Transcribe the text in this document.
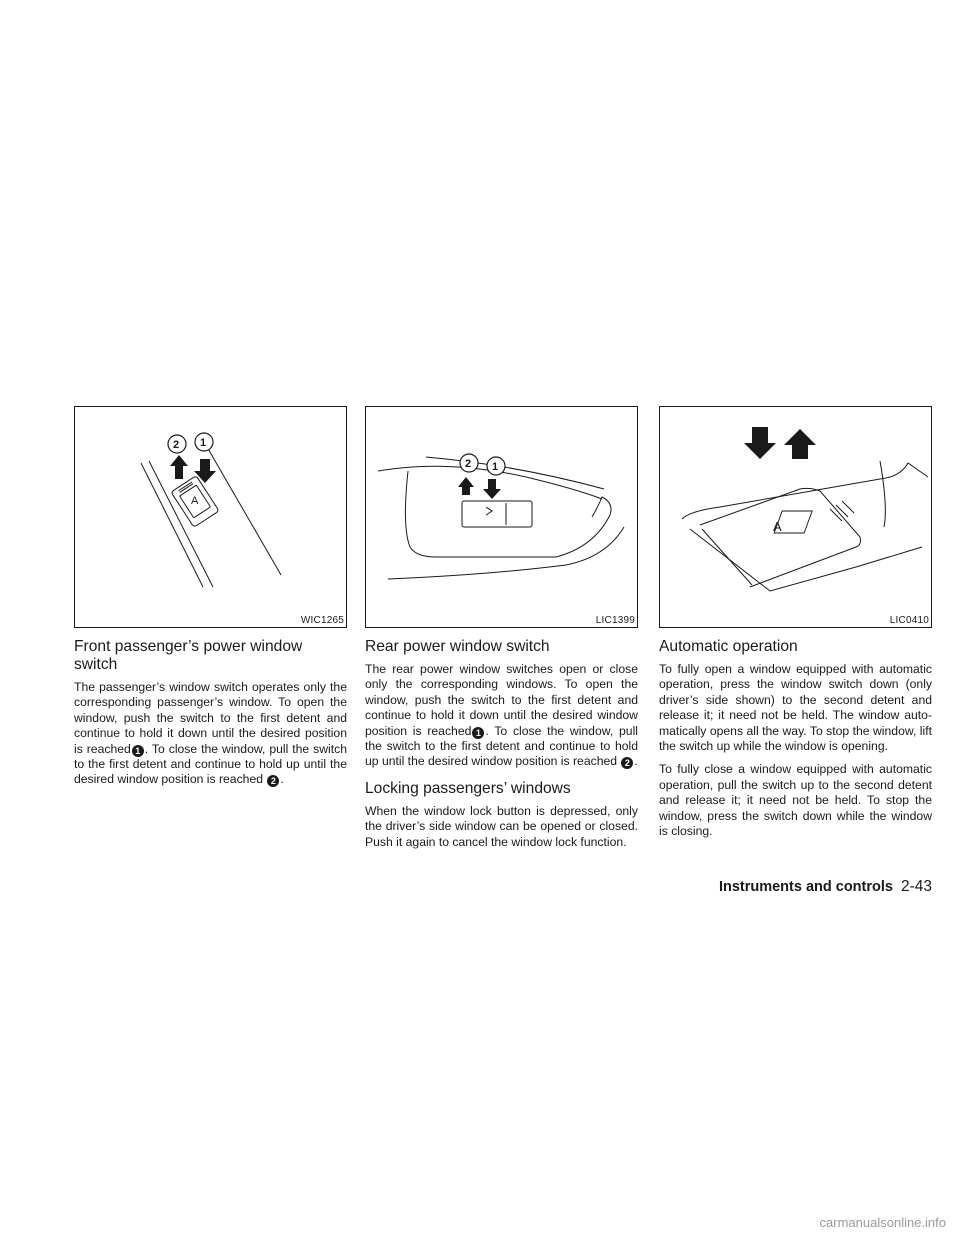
A
2 1
WIC1265
Front passenger’s power window switch

The passenger’s window switch operates only the corresponding passenger’s window. To open the window, push the switch to the first detent and continue to hold it down until the desired position is reached 1 . To close the window, pull the switch to the first detent and continue to hold up until the desired window position is reached 2 .

2 1
LIC1399
Rear power window switch

The rear power window switches open or close only the corresponding windows. To open the window, push the switch to the first detent and continue to hold it down until the desired window position is reached 1 . To close the window, pull the switch to the first detent and continue to hold up until the desired window position is reached 2 .

Locking passengers’ windows

When the window lock button is depressed, only the driver’s side window can be opened or closed. Push it again to cancel the window lock function.

A
LIC0410
Automatic operation

To fully open a window equipped with automatic operation, press the window switch down (only driver’s side shown) to the second detent and release it; it need not be held. The window auto-matically opens all the way. To stop the window, lift the switch up while the window is opening.

To fully close a window equipped with automatic operation, pull the switch up to the second detent and release it; it need not be held. To stop the window, press the switch down while the window is closing.

Instruments and controls 2-43
carmanualsonline.info
